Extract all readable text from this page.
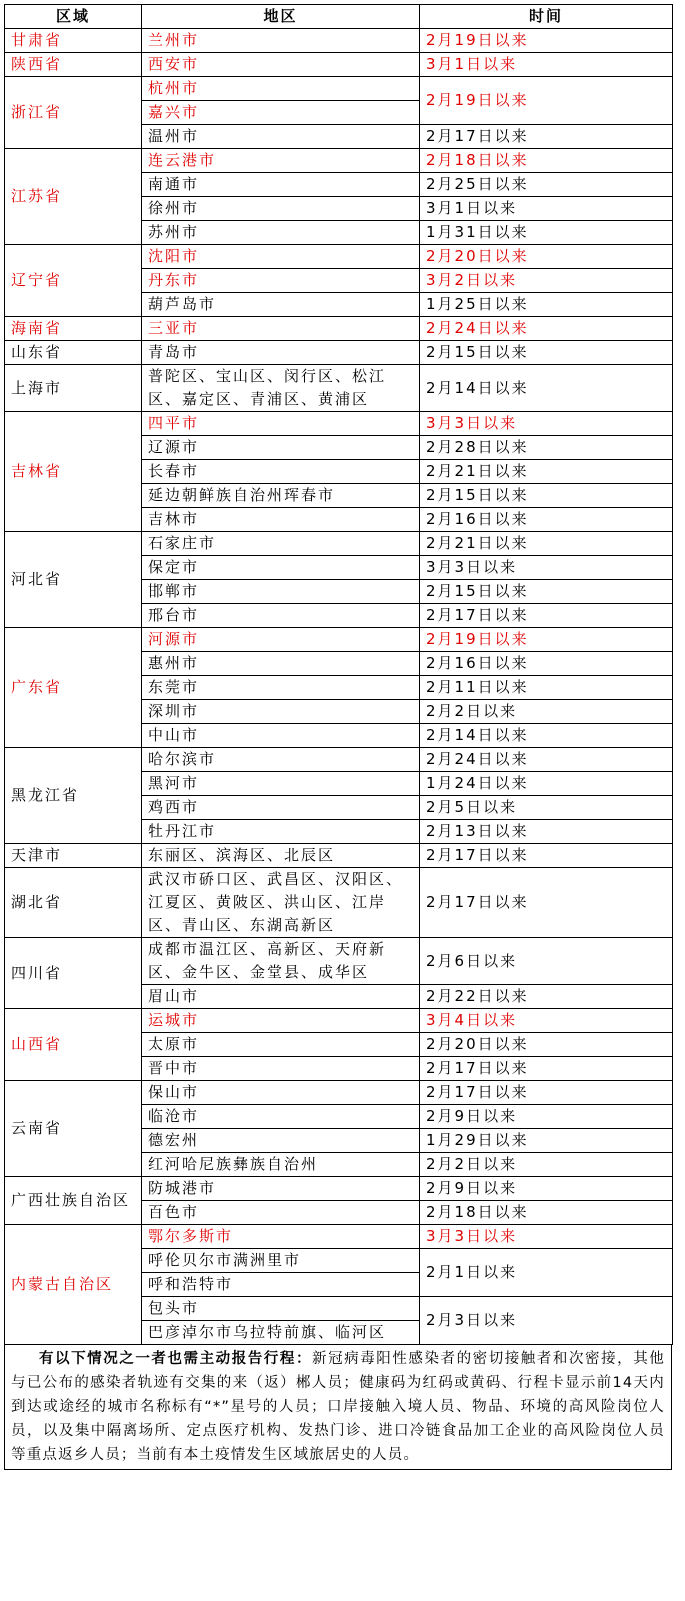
区域	地区	时间
甘肃省	兰州市	2月19日以来
陕西省	西安市	3月1日以来
浙江省	杭州市	2月19日以来
	嘉兴市	
	温州市	2月17日以来
江苏省	连云港市	2月18日以来
	南通市	2月25日以来
	徐州市	3月1日以来
	苏州市	1月31日以来
辽宁省	沈阳市	2月20日以来
	丹东市	3月2日以来
	葫芦岛市	1月25日以来
海南省	三亚市	2月24日以来
山东省	青岛市	2月15日以来
上海市	普陀区、宝山区、闵行区、松江区、嘉定区、青浦区、黄浦区	2月14日以来
吉林省	四平市	3月3日以来
	辽源市	2月28日以来
	长春市	2月21日以来
	延边朝鲜族自治州珲春市	2月15日以来
	吉林市	2月16日以来
河北省	石家庄市	2月21日以来
	保定市	3月3日以来
	邯郸市	2月15日以来
	邢台市	2月17日以来
广东省	河源市	2月19日以来
	惠州市	2月16日以来
	东莞市	2月11日以来
	深圳市	2月2日以来
	中山市	2月14日以来
黑龙江省	哈尔滨市	2月24日以来
	黑河市	1月24日以来
	鸡西市	2月5日以来
	牡丹江市	2月13日以来
天津市	东丽区、滨海区、北辰区	2月17日以来
湖北省	武汉市硚口区、武昌区、汉阳区、江夏区、黄陂区、洪山区、江岸区、青山区、东湖高新区	2月17日以来
四川省	成都市温江区、高新区、天府新区、金牛区、金堂县、成华区	2月6日以来
	眉山市	2月22日以来
山西省	运城市	3月4日以来
	太原市	2月20日以来
	晋中市	2月17日以来
云南省	保山市	2月17日以来
	临沧市	2月9日以来
	德宏州	1月29日以来
	红河哈尼族彝族自治州	2月2日以来
广西壮族自治区	防城港市	2月9日以来
	百色市	2月18日以来
内蒙古自治区	鄂尔多斯市	3月3日以来
	呼伦贝尔市满洲里市	2月1日以来
	呼和浩特市	
	包头市	2月3日以来
	巴彦淖尔市乌拉特前旗、临河区	
有以下情况之一者也需主动报告行程：新冠病毒阳性感染者的密切接触者和次密接，其他与已公布的感染者轨迹有交集的来（返）郴人员；健康码为红码或黄码、行程卡显示前14天内到达或途经的城市名称标有“*”星号的人员；口岸接触入境人员、物品、环境的高风险岗位人员，以及集中隔离场所、定点医疗机构、发热门诊、进口冷链食品加工企业的高风险岗位人员等重点返乡人员；当前有本土疫情发生区域旅居史的人员。
